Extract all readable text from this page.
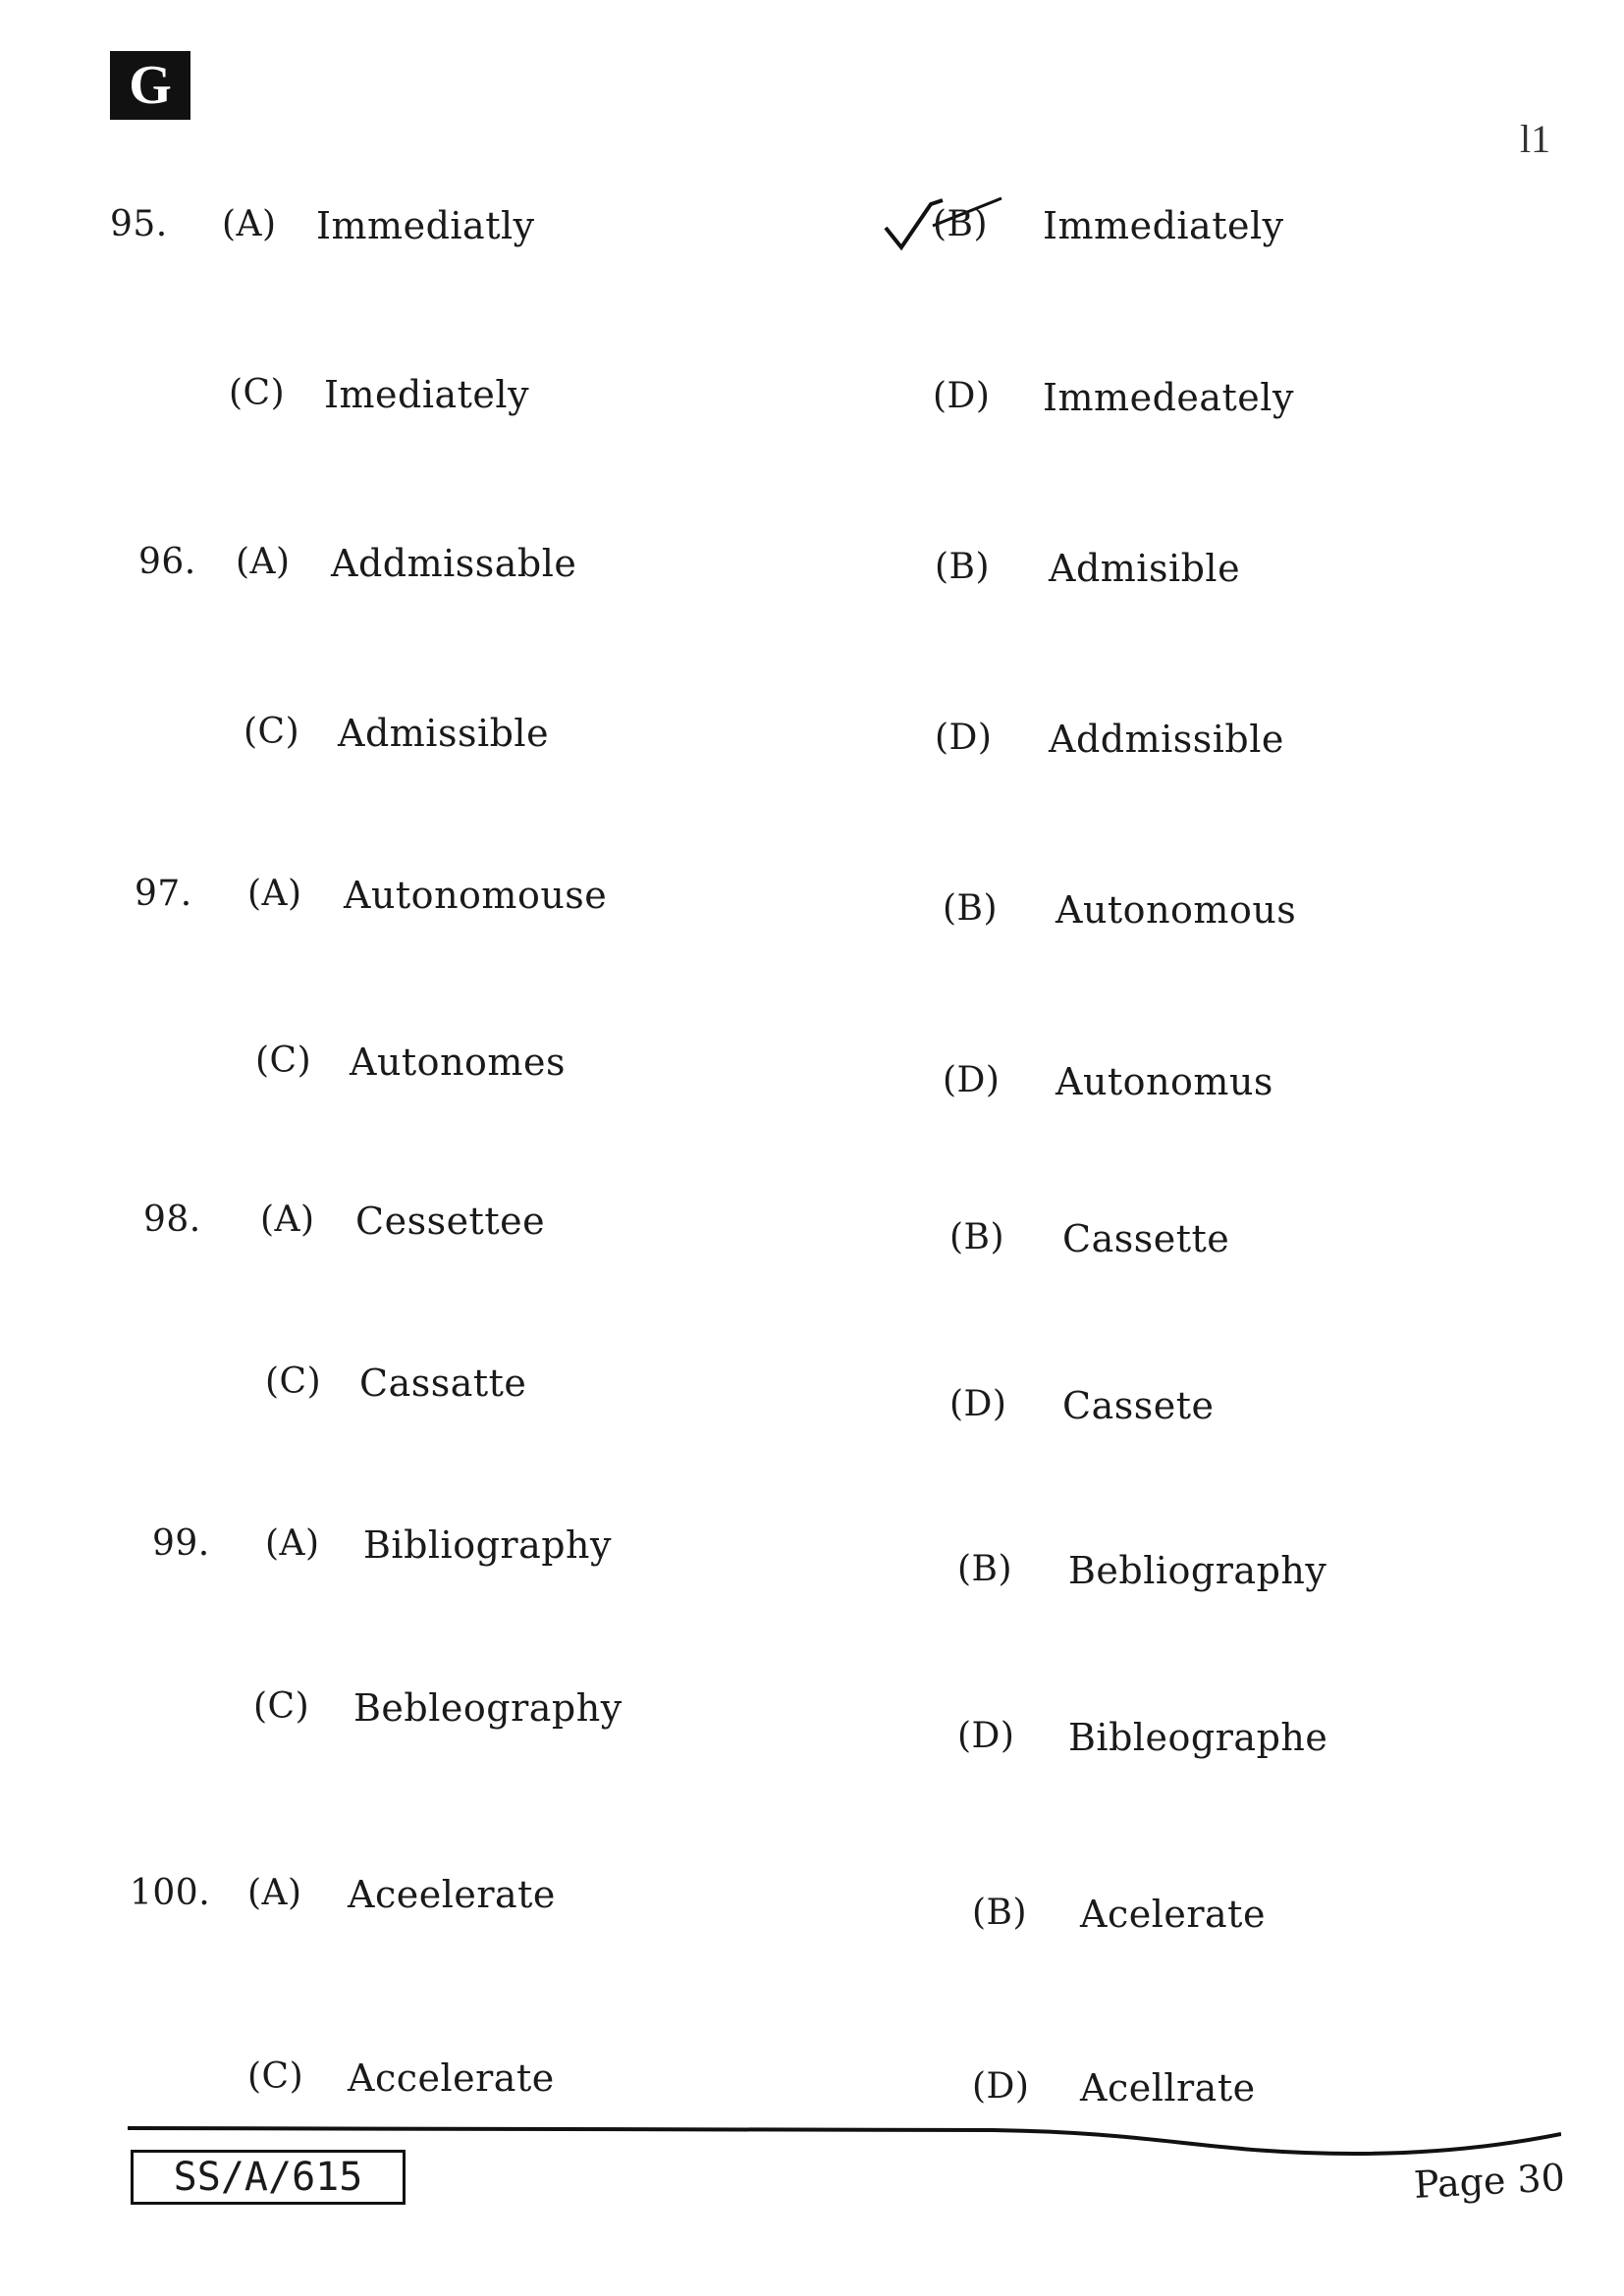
G
l1
95. (A) Immediatly	(B) Immediately
(C) Imediately	(D) Immedeately
96. (A) Addmissable	(B) Admisible
(C) Admissible	(D) Addmissible
97. (A) Autonomouse	(B) Autonomous
(C) Autonomes	(D) Autonomus
98. (A) Cessettee	(B) Cassette
(C) Cassatte	(D) Cassete
99. (A) Bibliography
(B) Bebliography
(C) Bebleography
(D) Bibleographe
100. (A) Aceelerate	(B) Acelerate
(C) Accelerate	(D) Acellrate
SS/A/615	Page 30
